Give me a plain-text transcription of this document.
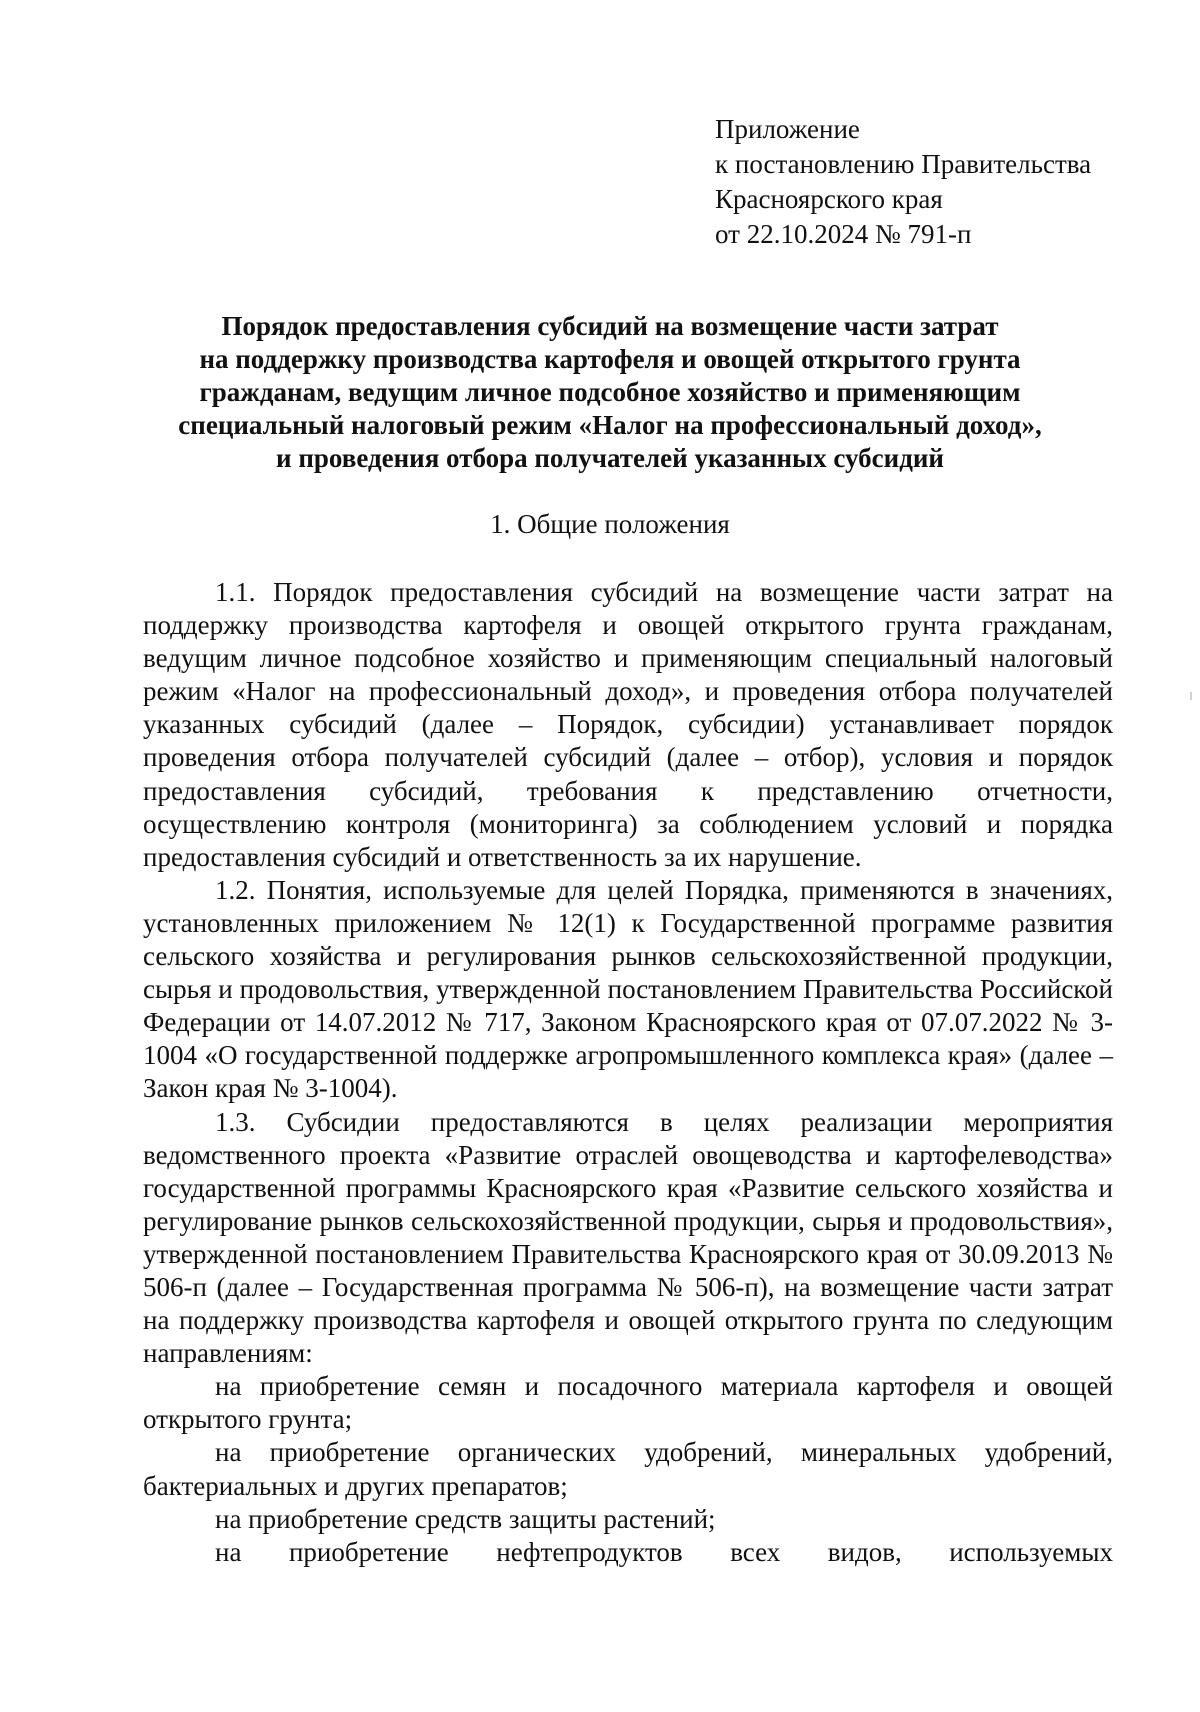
Приложение
к постановлению Правительства
Красноярского края
от 22.10.2024 № 791-п
Порядок предоставления субсидий на возмещение части затрат
на поддержку производства картофеля и овощей открытого грунта
гражданам, ведущим личное подсобное хозяйство и применяющим
специальный налоговый режим «Налог на профессиональный доход»,
и проведения отбора получателей указанных субсидий
1. Общие положения

1.1. Порядок предоставления субсидий на возмещение части затрат на поддержку производства картофеля и овощей открытого грунта гражданам, ведущим личное подсобное хозяйство и применяющим специальный налоговый режим «Налог на профессиональный доход», и проведения отбора получателей указанных субсидий (далее – Порядок, субсидии) устанавливает порядок проведения отбора получателей субсидий (далее – отбор), условия и порядок предоставления субсидий, требования к представлению отчетности, осуществлению контроля (мониторинга) за соблюдением условий и порядка предоставления субсидий и ответственность за их нарушение.

1.2. Понятия, используемые для целей Порядка, применяются в значениях, установленных приложением № 12(1) к Государственной программе развития сельского хозяйства и регулирования рынков сельскохозяйственной продукции, сырья и продовольствия, утвержденной постановлением Правительства Российской Федерации от 14.07.2012 № 717, Законом Красноярского края от 07.07.2022 № 3-1004 «О государственной поддержке агропромышленного комплекса края» (далее – Закон края № 3-1004).

1.3. Субсидии предоставляются в целях реализации мероприятия ведомственного проекта «Развитие отраслей овощеводства и картофелеводства» государственной программы Красноярского края «Развитие сельского хозяйства и регулирование рынков сельскохозяйственной продукции, сырья и продовольствия», утвержденной постановлением Правительства Красноярского края от 30.09.2013 № 506-п (далее – Государственная программа № 506-п), на возмещение части затрат на поддержку производства картофеля и овощей открытого грунта по следующим направлениям:

на приобретение семян и посадочного материала картофеля и овощей открытого грунта;

на приобретение органических удобрений, минеральных удобрений, бактериальных и других препаратов;

на приобретение средств защиты растений;

на приобретение нефтепродуктов всех видов, используемых
